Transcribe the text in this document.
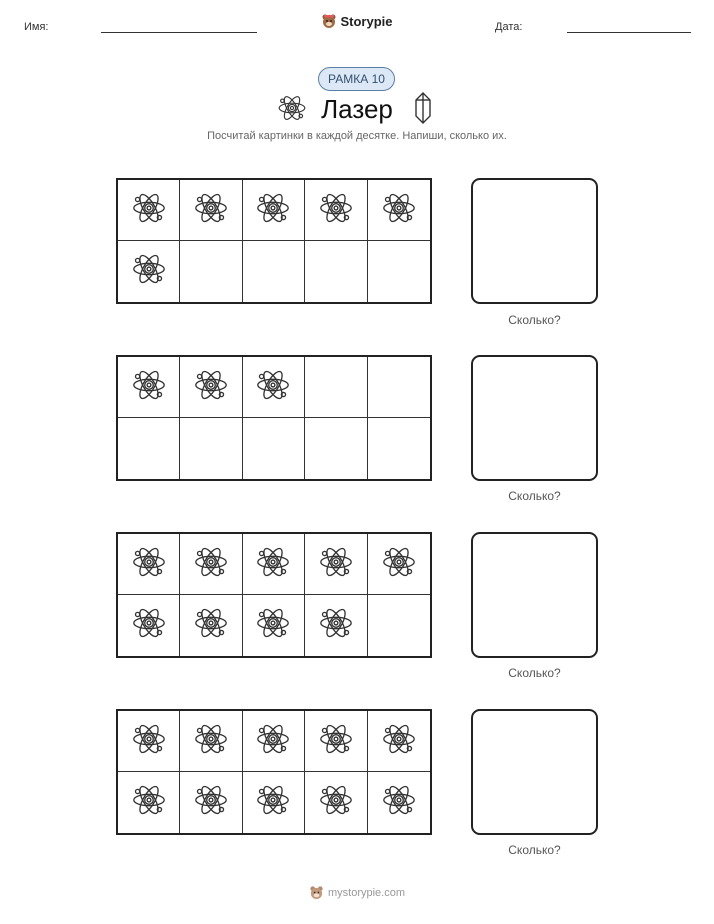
Имя:	Storypie	Дата:
РАМКА 10
Лазер
Посчитай картинки в каждой десятке. Напиши, сколько их.
Сколько?
Сколько?
Сколько?
Сколько?
mystorypie.com
